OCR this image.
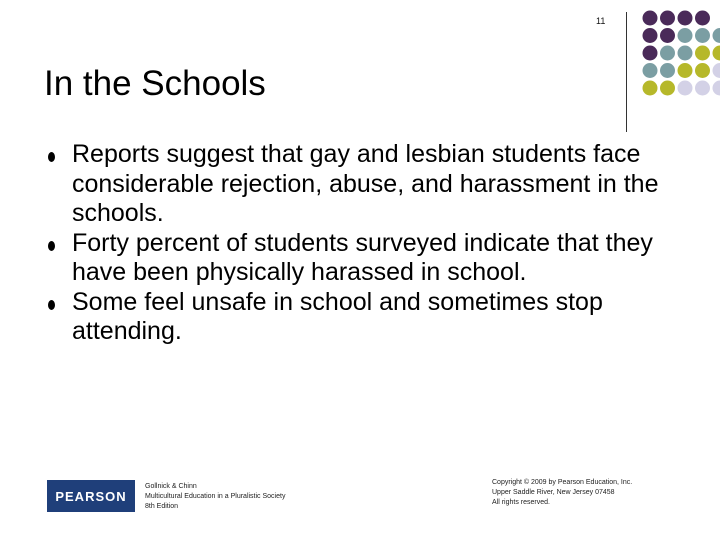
11
In the Schools
Reports suggest that gay and lesbian students face considerable rejection, abuse, and harassment in the schools.
Forty percent of students surveyed indicate that they have been physically harassed in school.
Some feel unsafe in school and sometimes stop attending.
PEARSON
Gollnick & Chinn
Multicultural Education in a Pluralistic Society
8th Edition
Copyright © 2009 by Pearson Education, Inc.
Upper Saddle River, New Jersey 07458
All rights reserved.
